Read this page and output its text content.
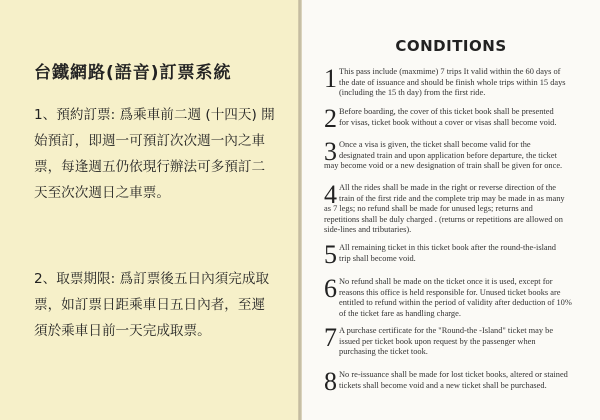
台鐵網路(語音)訂票系統

1、預約訂票: 爲乘車前二週 (十四天) 開

始預訂，即週一可預訂次次週一內之車

票，每逢週五仍依現行辦法可多預訂二

天至次次週日之車票。

2、取票期限: 爲訂票後五日內須完成取

票，如訂票日距乘車日五日內者，至遲

須於乘車日前一天完成取票。

CONDITIONS
1 This pass include (maxmime) 7 trips It valid within the 60 days of

the date of issuance and should be finish whole trips within 15 days

(including the 15 th day) from the first ride.

2 Before boarding, the cover of this ticket book shall be presented

for visas, ticket book without a cover or visas shall become void.

3 Once a visa is given, the ticket shall become valid for the

designated train and upon application before departure, the ticket

may become void or a new designation of train shall be given for once.

4 All the rides shall be made in the right or reverse direction of the

train of the first ride and the complete trip may be made in as many

as 7 legs; no refund shall be made for unused legs; returns and

repetitions shall be duly charged . (returns or repetitions are allowed on

side-lines and tributaries).

5 All remaining ticket in this ticket book after the round-the-island

trip shall become void.

6 No refund shall be made on the ticket once it is used, except for

reasons this office is held responsible for. Unused ticket books are

entitled to refund within the period of validity after deduction of 10%

of the ticket fare as handling charge.

7 A purchase certificate for the "Round-the -Island" ticket may be

issued per ticket book upon request by the passenger when

purchasing the ticket took.

8 No re-issuance shall be made for lost ticket books, altered or stained

tickets shall become void and a new ticket shall be purchased.
